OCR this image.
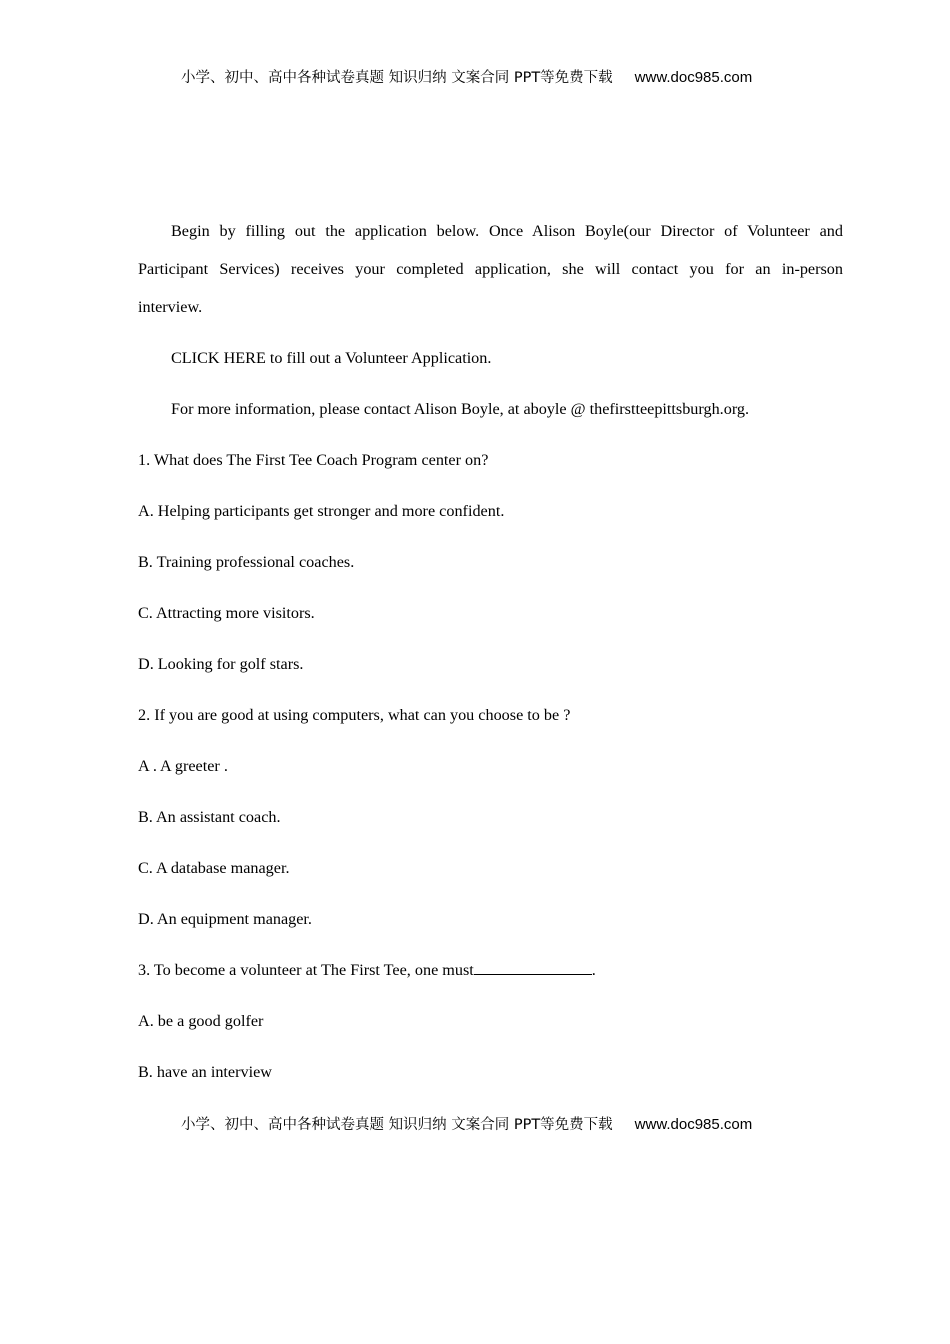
小学、初中、高中各种试卷真题 知识归纳 文案合同 PPT等免费下载 www.doc985.com
Begin by filling out the application below. Once Alison Boyle(our Director of Volunteer and
Participant Services) receives your completed application, she will contact you for an in-person
interview.
CLICK HERE to fill out a Volunteer Application.
For more information, please contact Alison Boyle, at aboyle @ thefirstteepittsburgh.org.
1. What does The First Tee Coach Program center on?
A. Helping participants get stronger and more confident.
B. Training professional coaches.
C. Attracting more visitors.
D. Looking for golf stars.
2. If you are good at using computers, what can you choose to be ?
A . A greeter .
B. An assistant coach.
C. A database manager.
D. An equipment manager.
3. To become a volunteer at The First Tee, one must	.
A. be a good golfer
B. have an interview
小学、初中、高中各种试卷真题 知识归纳 文案合同 PPT等免费下载 www.doc985.com
